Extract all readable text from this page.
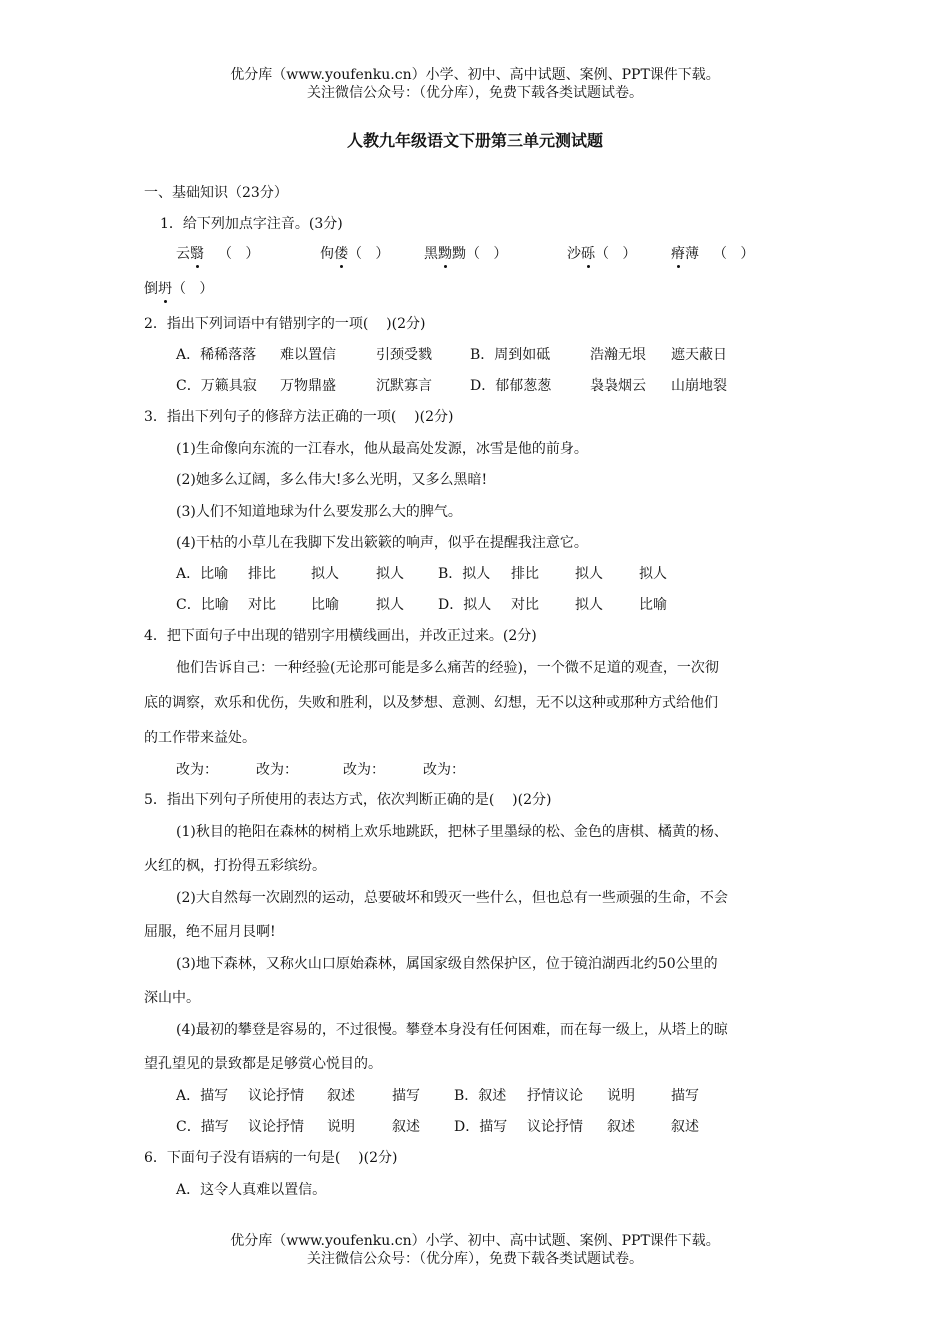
优分库（www.youfenku.cn）小学、初中、高中试题、案例、PPT课件下载。
关注微信公众号：（优分库），免费下载各类试题试卷。
人教九年级语文下册第三单元测试题
一、基础知识（23分）
1．给下列加点字注音。(3分)
云翳 （   ）	佝偻（   ） 黑黝黝（   ）	沙砾（   ） 瘠薄 （   ）
倒坍（   ）
2．指出下列词语中有错别字的一项(    )(2分)
A．稀稀落落 难以置信	引颈受戮	B．周到如砥	浩瀚无垠 遮天蔽日
C．万籁具寂 万物鼎盛	沉默寡言	D．郁郁葱葱	袅袅烟云 山崩地裂
3．指出下列句子的修辞方法正确的一项(    )(2分)
(1)生命像向东流的一江春水，他从最高处发源，冰雪是他的前身。
(2)她多么辽阔，多么伟大!多么光明，又多么黑暗!
(3)人们不知道地球为什么要发那么大的脾气。
(4)干枯的小草儿在我脚下发出簌簌的响声，似乎在提醒我注意它。
A．比喻 排比	拟人	拟人 B．拟人 排比	拟人	拟人
C．比喻 对比	比喻	拟人 D．拟人 对比	拟人	比喻
4．把下面句子中出现的错别字用横线画出，并改正过来。(2分)
他们告诉自己：一种经验(无论那可能是多么痛苦的经验)，一个微不足道的观查，一次彻
底的调察，欢乐和优伤，失败和胜利，以及梦想、意测、幻想，无不以这种或那种方式给他们
的工作带来益处。
改为：	改为：	改为：	改为：
5．指出下列句子所使用的表达方式，依次判断正确的是(    )(2分)
(1)秋目的艳阳在森林的树梢上欢乐地跳跃，把林子里墨绿的松、金色的唐棋、橘黄的杨、
火红的枫，打扮得五彩缤纷。
(2)大自然每一次剧烈的运动，总要破坏和毁灭一些什么，但也总有一些顽强的生命，不会
屈服，绝不屈月艮啊!
(3)地下森林，又称火山口原始森林，属国家级自然保护区，位于镜泊湖西北约50公里的
深山中。
(4)最初的攀登是容易的，不过很慢。攀登本身没有任何困难，而在每一级上，从塔上的晾
望孔望见的景致都是足够赏心悦目的。
A．描写 议论抒情 叙述	描写 B．叙述 抒情议论 说明	描写
C．描写 议论抒情 说明	叙述 D．描写 议论抒情 叙述	叙述
6．下面句子没有语病的一句是(    )(2分)
A．这令人真难以置信。
优分库（www.youfenku.cn）小学、初中、高中试题、案例、PPT课件下载。
关注微信公众号：（优分库），免费下载各类试题试卷。
